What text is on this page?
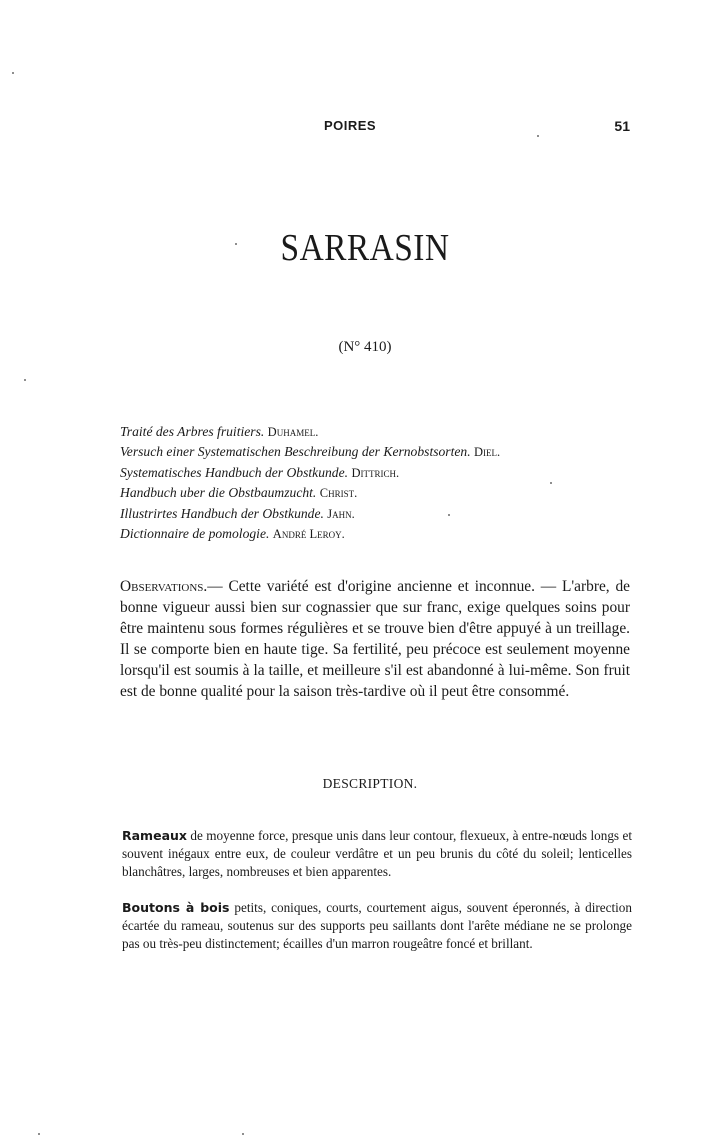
POIRES	51
SARRASIN
(N° 410)
Traité des Arbres fruitiers. Duhamel.
Versuch einer Systematischen Beschreibung der Kernobstsorten. Diel.
Systematisches Handbuch der Obstkunde. Dittrich.
Handbuch uber die Obstbaumzucht. Christ.
Illustrirtes Handbuch der Obstkunde. Jahn.
Dictionnaire de pomologie. André Leroy.
Observations.— Cette variété est d'origine ancienne et inconnue. — L'arbre, de bonne vigueur aussi bien sur cognassier que sur franc, exige quelques soins pour être maintenu sous formes régulières et se trouve bien d'être appuyé à un treillage. Il se comporte bien en haute tige. Sa fertilité, peu précoce est seulement moyenne lorsqu'il est soumis à la taille, et meilleure s'il est abandonné à lui-même. Son fruit est de bonne qualité pour la saison très-tardive où il peut être consommé.
DESCRIPTION.
Rameaux de moyenne force, presque unis dans leur contour, flexueux, à entre-nœuds longs et souvent inégaux entre eux, de couleur verdâtre et un peu brunis du côté du soleil; lenticelles blanchâtres, larges, nombreuses et bien apparentes.
Boutons à bois petits, coniques, courts, courtement aigus, souvent éperonnés, à direction écartée du rameau, soutenus sur des supports peu saillants dont l'arête médiane ne se prolonge pas ou très-peu distinctement; écailles d'un marron rougeâtre foncé et brillant.
